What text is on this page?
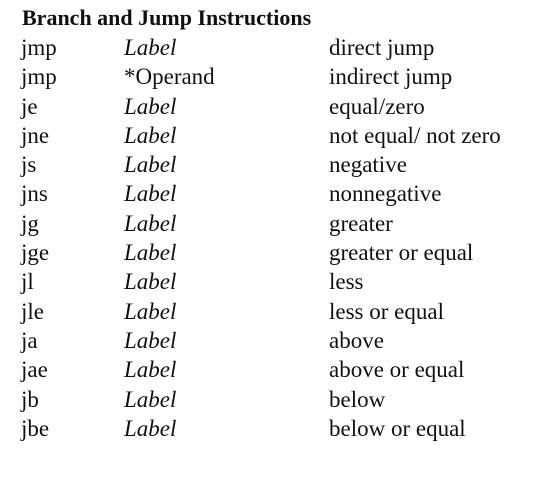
Branch and Jump Instructions
jmp	Label	direct jump
jmp	*Operand	indirect jump
je	Label	equal/zero
jne	Label	not equal/ not zero
js	Label	negative
jns	Label	nonnegative
jg	Label	greater
jge	Label	greater or equal
jl	Label	less
jle	Label	less or equal
ja	Label	above
jae	Label	above or equal
jb	Label	below
jbe	Label	below or equal
